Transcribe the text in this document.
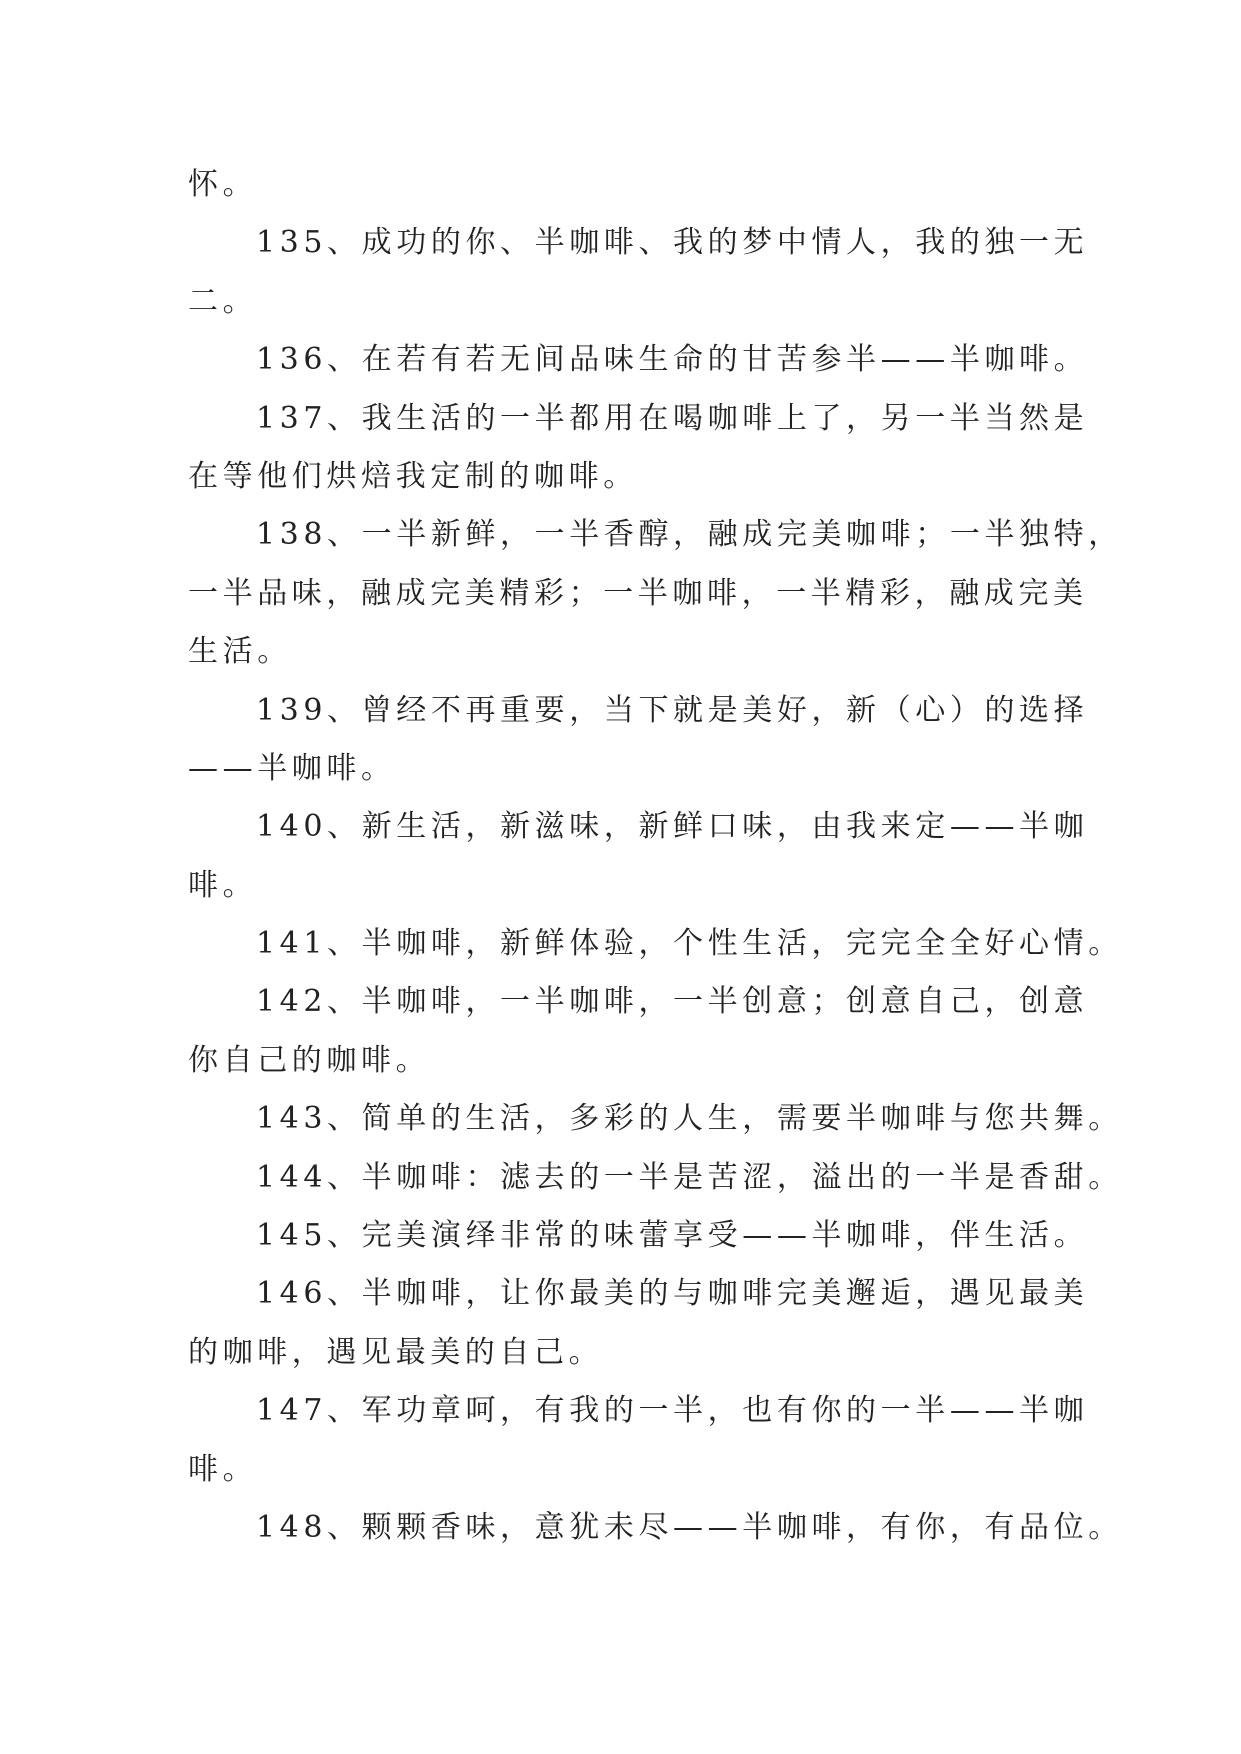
怀。
135、成功的你、半咖啡、我的梦中情人，我的独一无
二。
136、在若有若无间品味生命的甘苦参半——半咖啡。
137、我生活的一半都用在喝咖啡上了，另一半当然是
在等他们烘焙我定制的咖啡。
138、一半新鲜，一半香醇，融成完美咖啡；一半独特，
一半品味，融成完美精彩；一半咖啡，一半精彩，融成完美
生活。
139、曾经不再重要，当下就是美好，新（心）的选择
——半咖啡。
140、新生活，新滋味，新鲜口味，由我来定——半咖
啡。
141、半咖啡，新鲜体验，个性生活，完完全全好心情。
142、半咖啡，一半咖啡，一半创意；创意自己，创意
你自己的咖啡。
143、简单的生活，多彩的人生，需要半咖啡与您共舞。
144、半咖啡：滤去的一半是苦涩，溢出的一半是香甜。
145、完美演绎非常的味蕾享受——半咖啡，伴生活。
146、半咖啡，让你最美的与咖啡完美邂逅，遇见最美
的咖啡，遇见最美的自己。
147、军功章呵，有我的一半，也有你的一半——半咖
啡。
148、颗颗香味，意犹未尽——半咖啡，有你，有品位。
